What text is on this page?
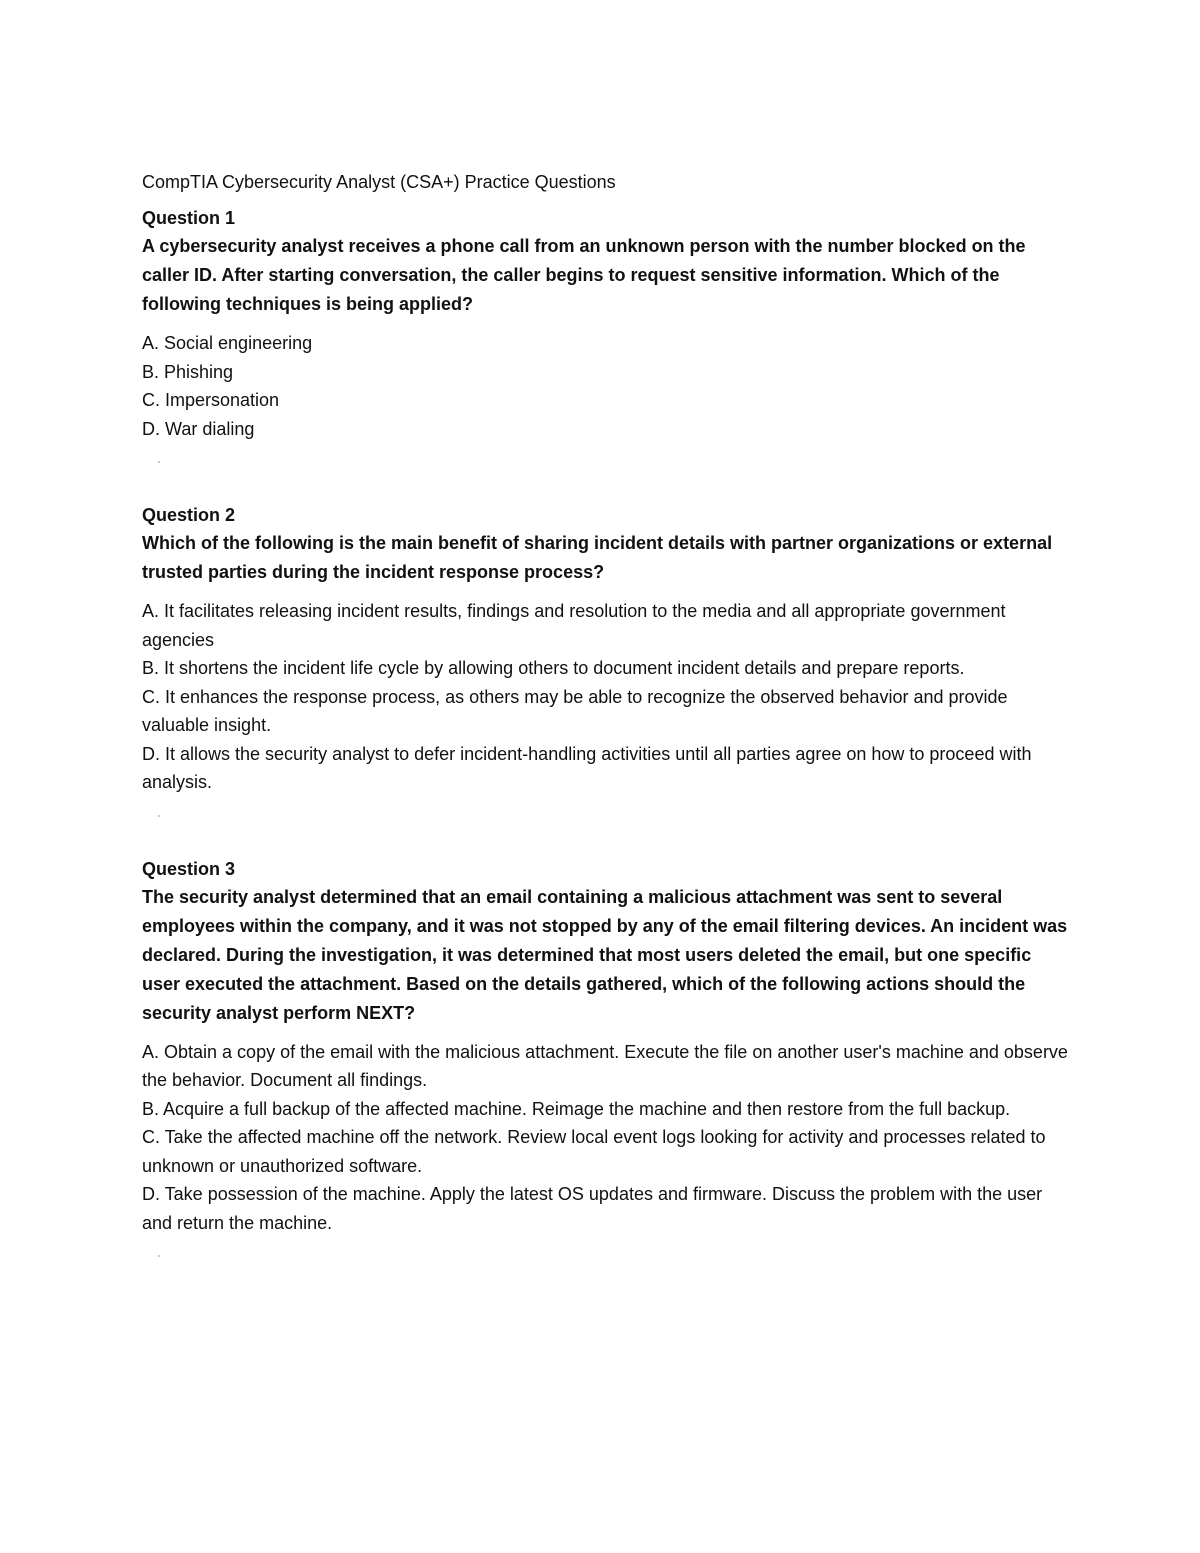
CompTIA Cybersecurity Analyst (CSA+) Practice Questions

Question 1

A cybersecurity analyst receives a phone call from an unknown person with the number blocked on the caller ID. After starting conversation, the caller begins to request sensitive information. Which of the following techniques is being applied?

A. Social engineering
B. Phishing
C. Impersonation
D. War dialing

Question 2

Which of the following is the main benefit of sharing incident details with partner organizations or external trusted parties during the incident response process?

A. It facilitates releasing incident results, findings and resolution to the media and all appropriate government agencies
B. It shortens the incident life cycle by allowing others to document incident details and prepare reports.
C. It enhances the response process, as others may be able to recognize the observed behavior and provide valuable insight.
D. It allows the security analyst to defer incident-handling activities until all parties agree on how to proceed with analysis.

Question 3

The security analyst determined that an email containing a malicious attachment was sent to several employees within the company, and it was not stopped by any of the email filtering devices. An incident was declared. During the investigation, it was determined that most users deleted the email, but one specific user executed the attachment. Based on the details gathered, which of the following actions should the security analyst perform NEXT?

A. Obtain a copy of the email with the malicious attachment. Execute the file on another user's machine and observe the behavior. Document all findings.
B. Acquire a full backup of the affected machine. Reimage the machine and then restore from the full backup.
C. Take the affected machine off the network. Review local event logs looking for activity and processes related to unknown or unauthorized software.
D. Take possession of the machine. Apply the latest OS updates and firmware. Discuss the problem with the user and return the machine.
